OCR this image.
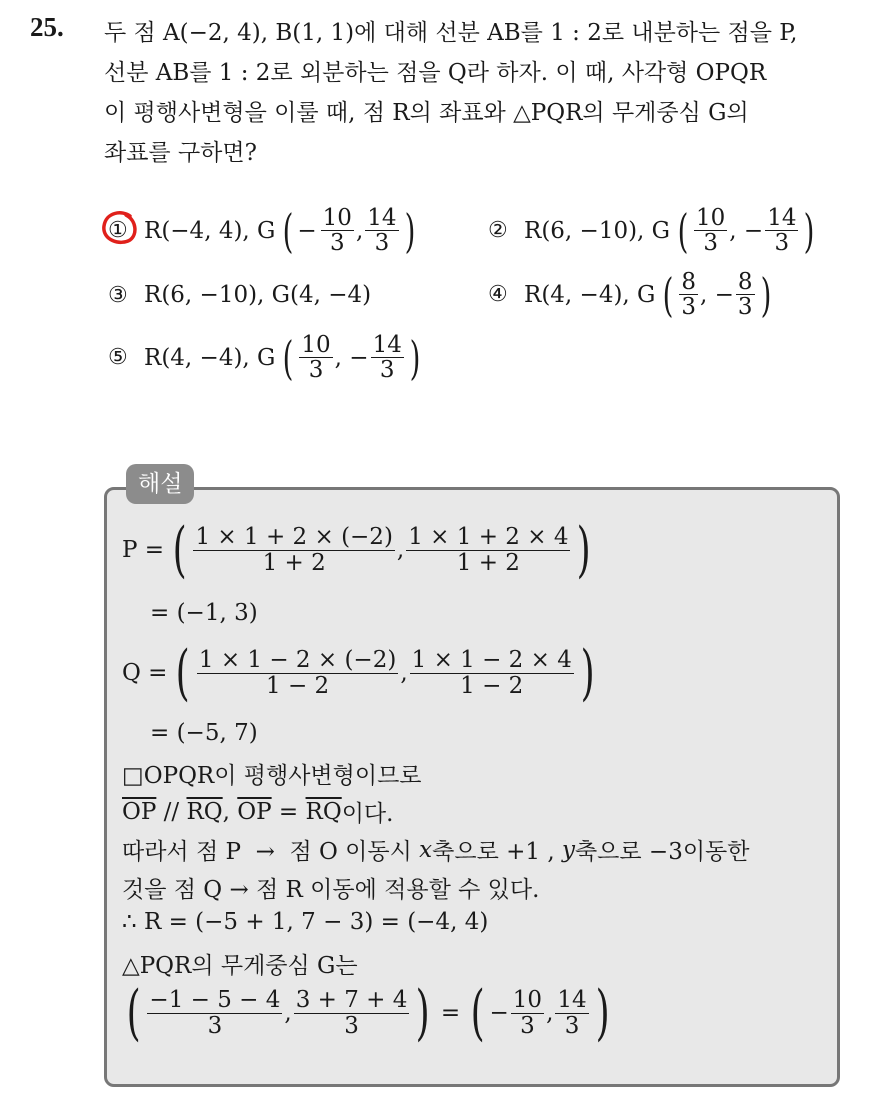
25. 두 점 A(−2, 4), B(1, 1)에 대해 선분 AB를 1 : 2로 내분하는 점을 P,
선분 AB를 1 : 2로 외분하는 점을 Q라 하자. 이 때, 사각형 OPQR
이 평행사변형을 이룰 때, 점 R의 좌표와 △PQR의 무게중심 G의
좌표를 구하면?
① R(−4, 4), G ( − $\frac{10}{3}$ , $\frac{14}{3}$ )	② R(6, −10), G ( $\frac{10}{3}$ , − $\frac{14}{3}$ )
③ R(6, −10), G(4, −4)	④ R(4, −4), G ( $\frac{8}{3}$ , − $\frac{8}{3}$ )
⑤ R(4, −4), G ( $\frac{10}{3}$ , − $\frac{14}{3}$ )
해설
P = ( $\frac{1 \times 1 + 2 \times (-2)}{1 + 2}$ , $\frac{1 \times 1 + 2 \times 4}{1 + 2}$ )
= (−1, 3)
Q = ( $\frac{1 \times 1 - 2 \times (-2)}{1 - 2}$ , $\frac{1 \times 1 - 2 \times 4}{1 - 2}$ )
= (−5, 7)
□OPQR이 평행사변형이므로
$\overline{OP} // \overline{RQ}$ , $\overline{OP} = \overline{RQ}$ 이다.
따라서 점 P  →  점 O 이동시 x 축으로 +1 , y 축으로 −3이동한
것을 점 Q → 점 R 이동에 적용할 수 있다.
∴ R = (−5 + 1, 7 − 3) = (−4, 4)
△PQR의 무게중심 G는
( $\frac{-1 - 5 - 4}{3}$ , $\frac{3 + 7 + 4}{3}$ ) = ( − $\frac{10}{3}$ , $\frac{14}{3}$ )
